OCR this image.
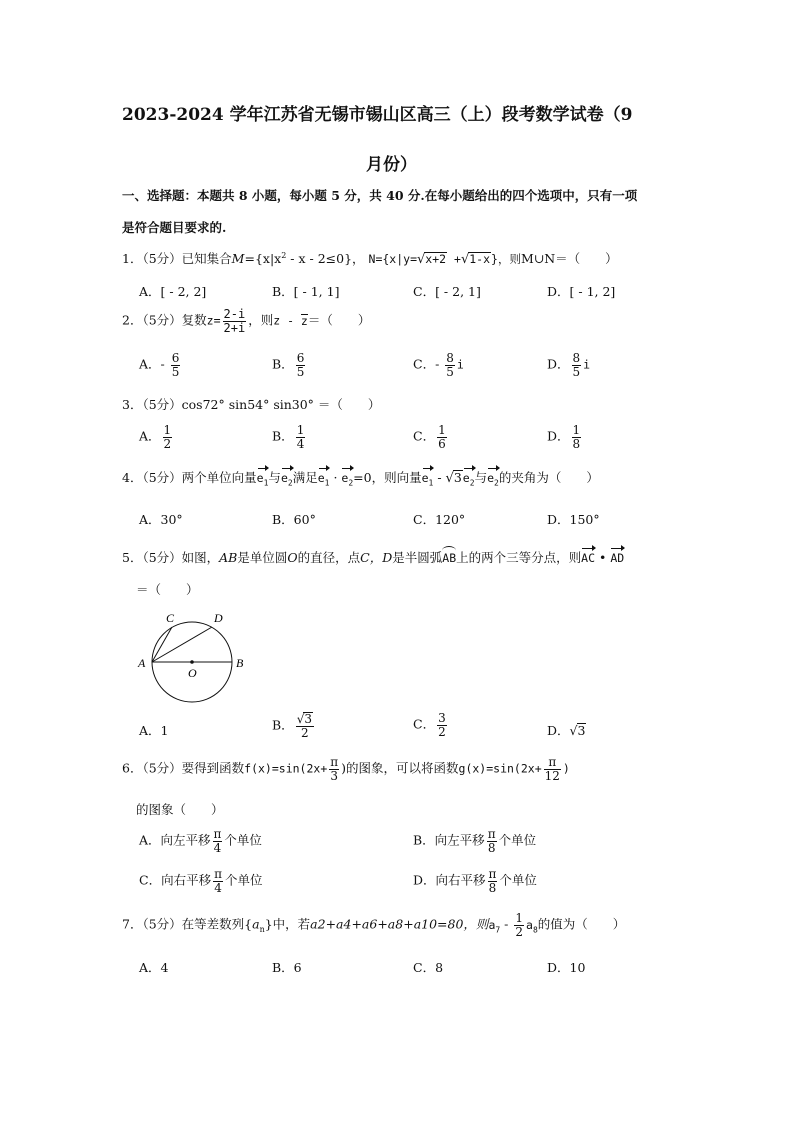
2023-2024 学年江苏省无锡市锡山区高三（上）段考数学试卷（9
月份）
一、选择题：本题共 8 小题，每小题 5 分，共 40 分.在每小题给出的四个选项中，只有一项
是符合题目要求的.
1．（5分）已知集合$M=\{x|x^2 - x - 2\le 0\}$， N={x|y=√x+2 +√1-x}，则M∪N＝（　　）
A．[ - 2, 2]	B．[ - 1, 1]	C．[ - 2, 1]	D．[ - 1, 2]
2．（5分）复数$z= \frac{2-i}{2+i}$ ，则z - z＝（　　）
A．- $\frac{6}{5}$	B． $\frac{6}{5}$	C．- $\frac{8}{5}$ i	D． $\frac{8}{5}$ i
3．（5分）cos72° sin54° sin30° ＝（　　）
A． $\frac{1}{2}$	B． $\frac{1}{4}$	C． $\frac{1}{6}$	D． $\frac{1}{8}$
4．（5分）两个单位向量$e_1$与$e_2$满足$e_1 \cdot e_2=0$，则向量$e_1 - √3e_2$与$e_2$的夹角为（　　）
A．30°	B．60°	C．120°	D．150°
5．（5分）如图，AB是单位圆O的直径，点C，D是半圆弧AB上的两个三等分点，则AC • AD
＝（　　）
A	B
C	D
O
A．1	B． $\frac{√3}{2}$	C． $\frac{3}{2}$	D．√3
6．（5分）要得到函数$f(x)=\sin(2x+ \frac{\pi}{3}$ )的图象，可以将函数$g(x)=\sin(2x+ \frac{\pi}{12}$ )
的图象（　　）
A．向左平移 $\frac{\pi}{4}$ 个单位	B．向左平移 $\frac{\pi}{8}$ 个单位
C．向右平移 $\frac{\pi}{4}$ 个单位	D．向右平移 $\frac{\pi}{8}$ 个单位
7．（5分）在等差数列$\{a_n\}$中，若a2+a4+a6+a8+a10=80，则$a_7 - \frac{1}{2} a_8$的值为（　　）
A．4	B．6	C．8	D．10
